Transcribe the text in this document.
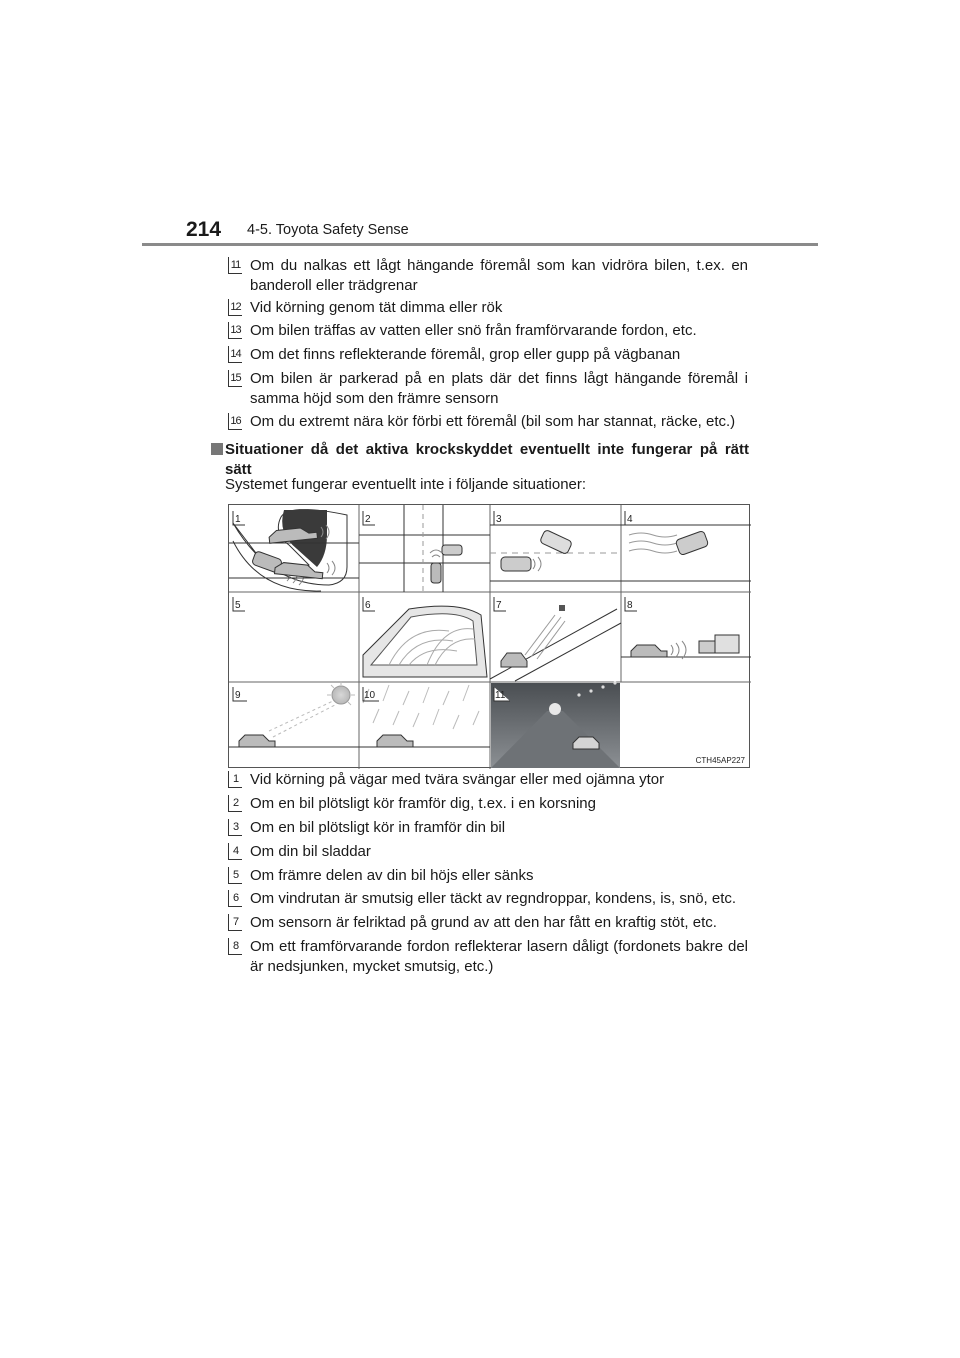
214 4-5. Toyota Safety Sense
11 Om du nalkas ett lågt hängande föremål som kan vidröra bilen, t.ex. en banderoll eller trädgrenar
12 Vid körning genom tät dimma eller rök
13 Om bilen träffas av vatten eller snö från framförvarande fordon, etc.
14 Om det finns reflekterande föremål, grop eller gupp på vägbanan
15 Om bilen är parkerad på en plats där det finns lågt hängande föremål i samma höjd som den främre sensorn
16 Om du extremt nära kör förbi ett föremål (bil som har stannat, räcke, etc.)
Situationer då det aktiva krockskyddet eventuellt inte fungerar på rätt sätt
Systemet fungerar eventuellt inte i följande situationer:
1	2	3	4
5	6	7	8
9	10	11
CTH45AP227
1 Vid körning på vägar med tvära svängar eller med ojämna ytor
2 Om en bil plötsligt kör framför dig, t.ex. i en korsning
3 Om en bil plötsligt kör in framför din bil
4 Om din bil sladdar
5 Om främre delen av din bil höjs eller sänks
6 Om vindrutan är smutsig eller täckt av regndroppar, kondens, is, snö, etc.
7 Om sensorn är felriktad på grund av att den har fått en kraftig stöt, etc.
8 Om ett framförvarande fordon reflekterar lasern dåligt (fordonets bakre del är nedsjunken, mycket smutsig, etc.)
